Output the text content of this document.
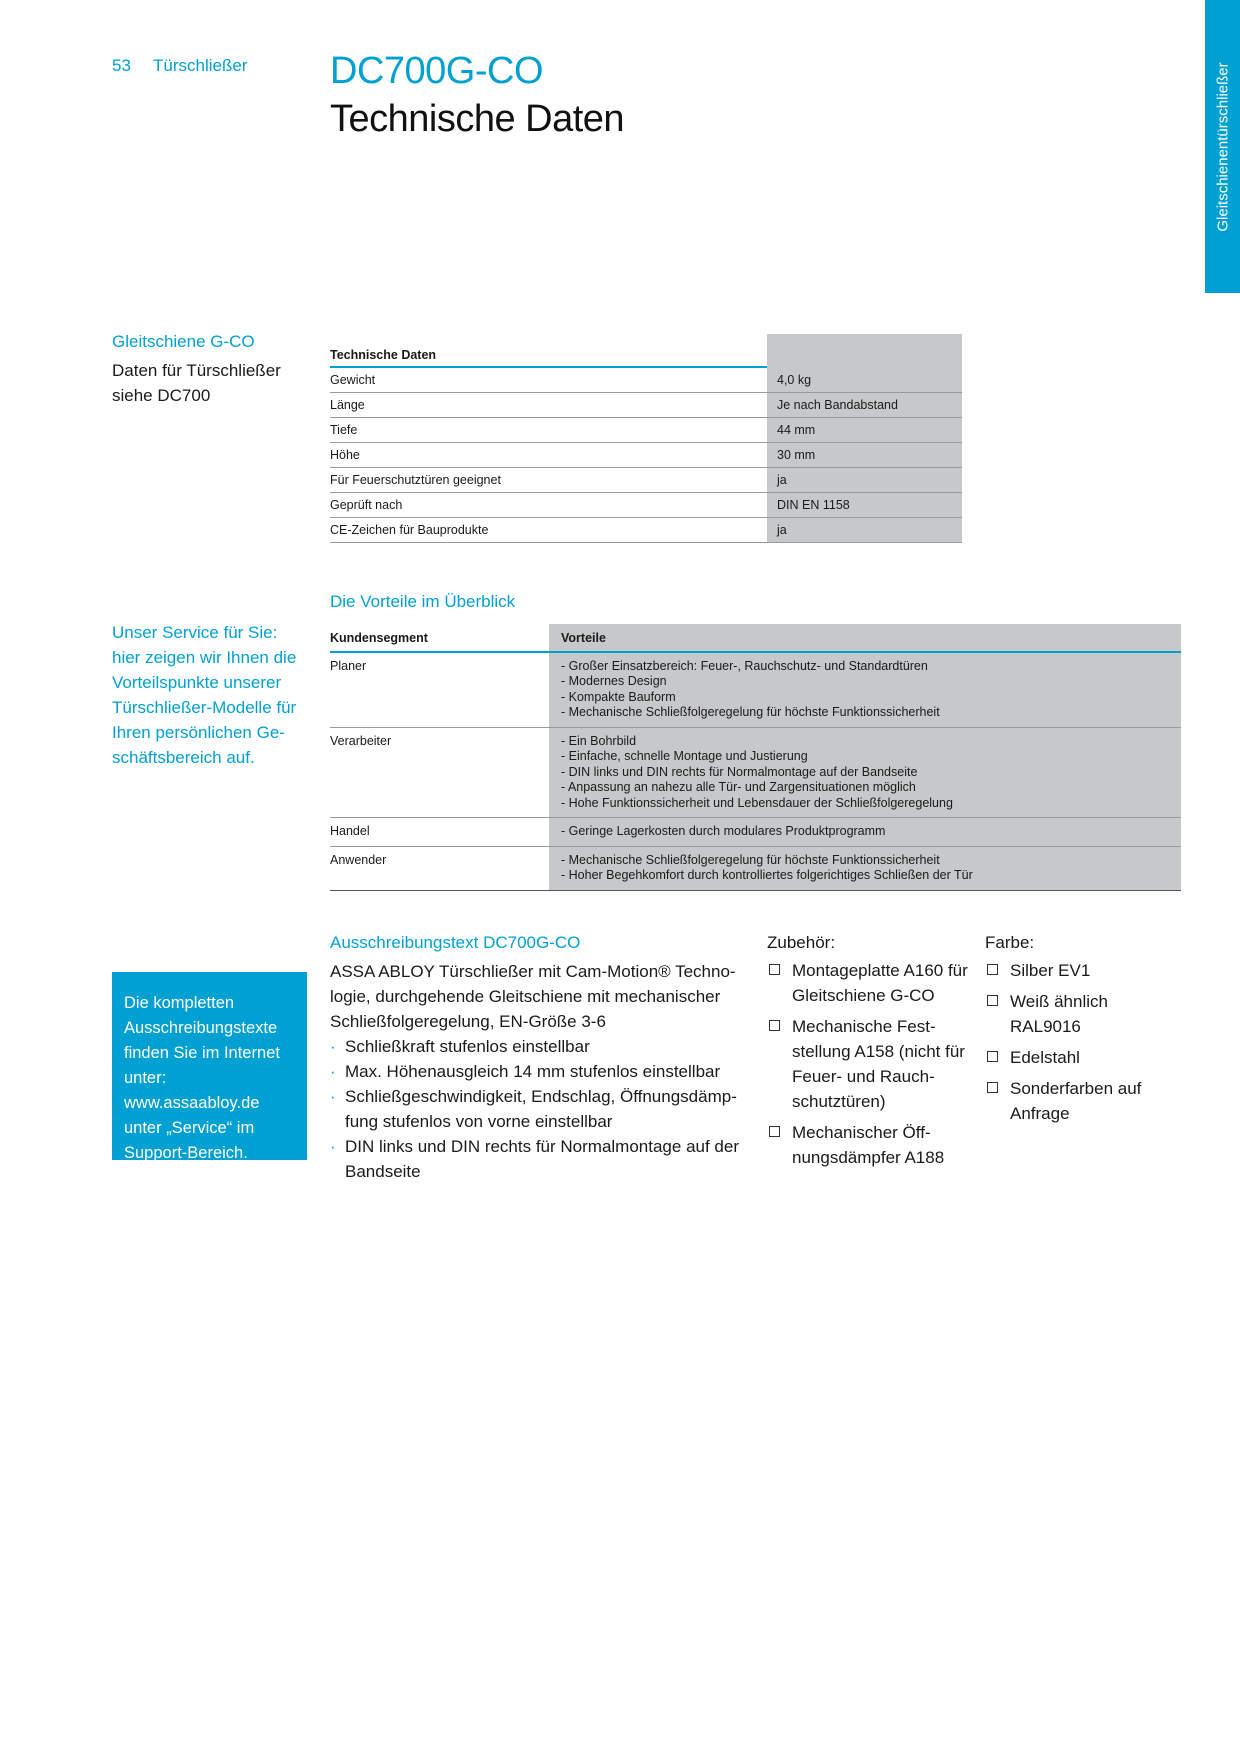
53 Türschließer DC700G-CO
Technische Daten	Gleitschienentürschließer
Gleitschiene G-CO
Daten für Türschließer siehe DC700
Unser Service für Sie: hier zeigen wir Ihnen die Vorteilspunkte unserer Türschließer-Modelle für Ihren persönlichen Geschäftsbereich auf.
Die kompletten Ausschreibungstexte finden Sie im Internet unter: www.assaabloy.de unter „Service“ im Support-Bereich.
Technische Daten	
Gewicht	4,0 kg
Länge	Je nach Bandabstand
Tiefe	44 mm
Höhe	30 mm
Für Feuerschutztüren geeignet	ja
Geprüft nach	DIN EN 1158
CE-Zeichen für Bauprodukte	ja
Die Vorteile im Überblick
Kundensegment	Vorteile
Planer	- Großer Einsatzbereich: Feuer-, Rauchschutz- und Standardtüren
- Modernes Design
- Kompakte Bauform
- Mechanische Schließfolgeregelung für höchste Funktionssicherheit

Verarbeiter	- Ein Bohrbild
- Einfache, schnelle Montage und Justierung
- DIN links und DIN rechts für Normalmontage auf der Bandseite
- Anpassung an nahezu alle Tür- und Zargensituationen möglich
- Hohe Funktionssicherheit und Lebensdauer der Schließfolgeregelung

Handel	- Geringe Lagerkosten durch modulares Produktprogramm

Anwender	- Mechanische Schließfolgeregelung für höchste Funktionssicherheit
- Hoher Begehkomfort durch kontrolliertes folgerichtiges Schließen der Tür
Ausschreibungstext DC700G-CO
ASSA ABLOY Türschließer mit Cam-Motion® Technologie, durchgehende Gleitschiene mit mechanischer Schließfolgeregelung, EN-Größe 3-6
· Schließkraft stufenlos einstellbar
· Max. Höhenausgleich 14 mm stufenlos einstellbar
· Schließgeschwindigkeit, Endschlag, Öffnungsdämpfung stufenlos von vorne einstellbar
· DIN links und DIN rechts für Normalmontage auf der Bandseite
Zubehör:
Montageplatte A160 für Gleitschiene G-CO
Mechanische Feststellung A158 (nicht für Feuer- und Rauchschutztüren)
Mechanischer Öffnungsdämpfer A188
Farbe:
Silber EV1
Weiß ähnlich RAL9016
Edelstahl
Sonderfarben auf Anfrage
